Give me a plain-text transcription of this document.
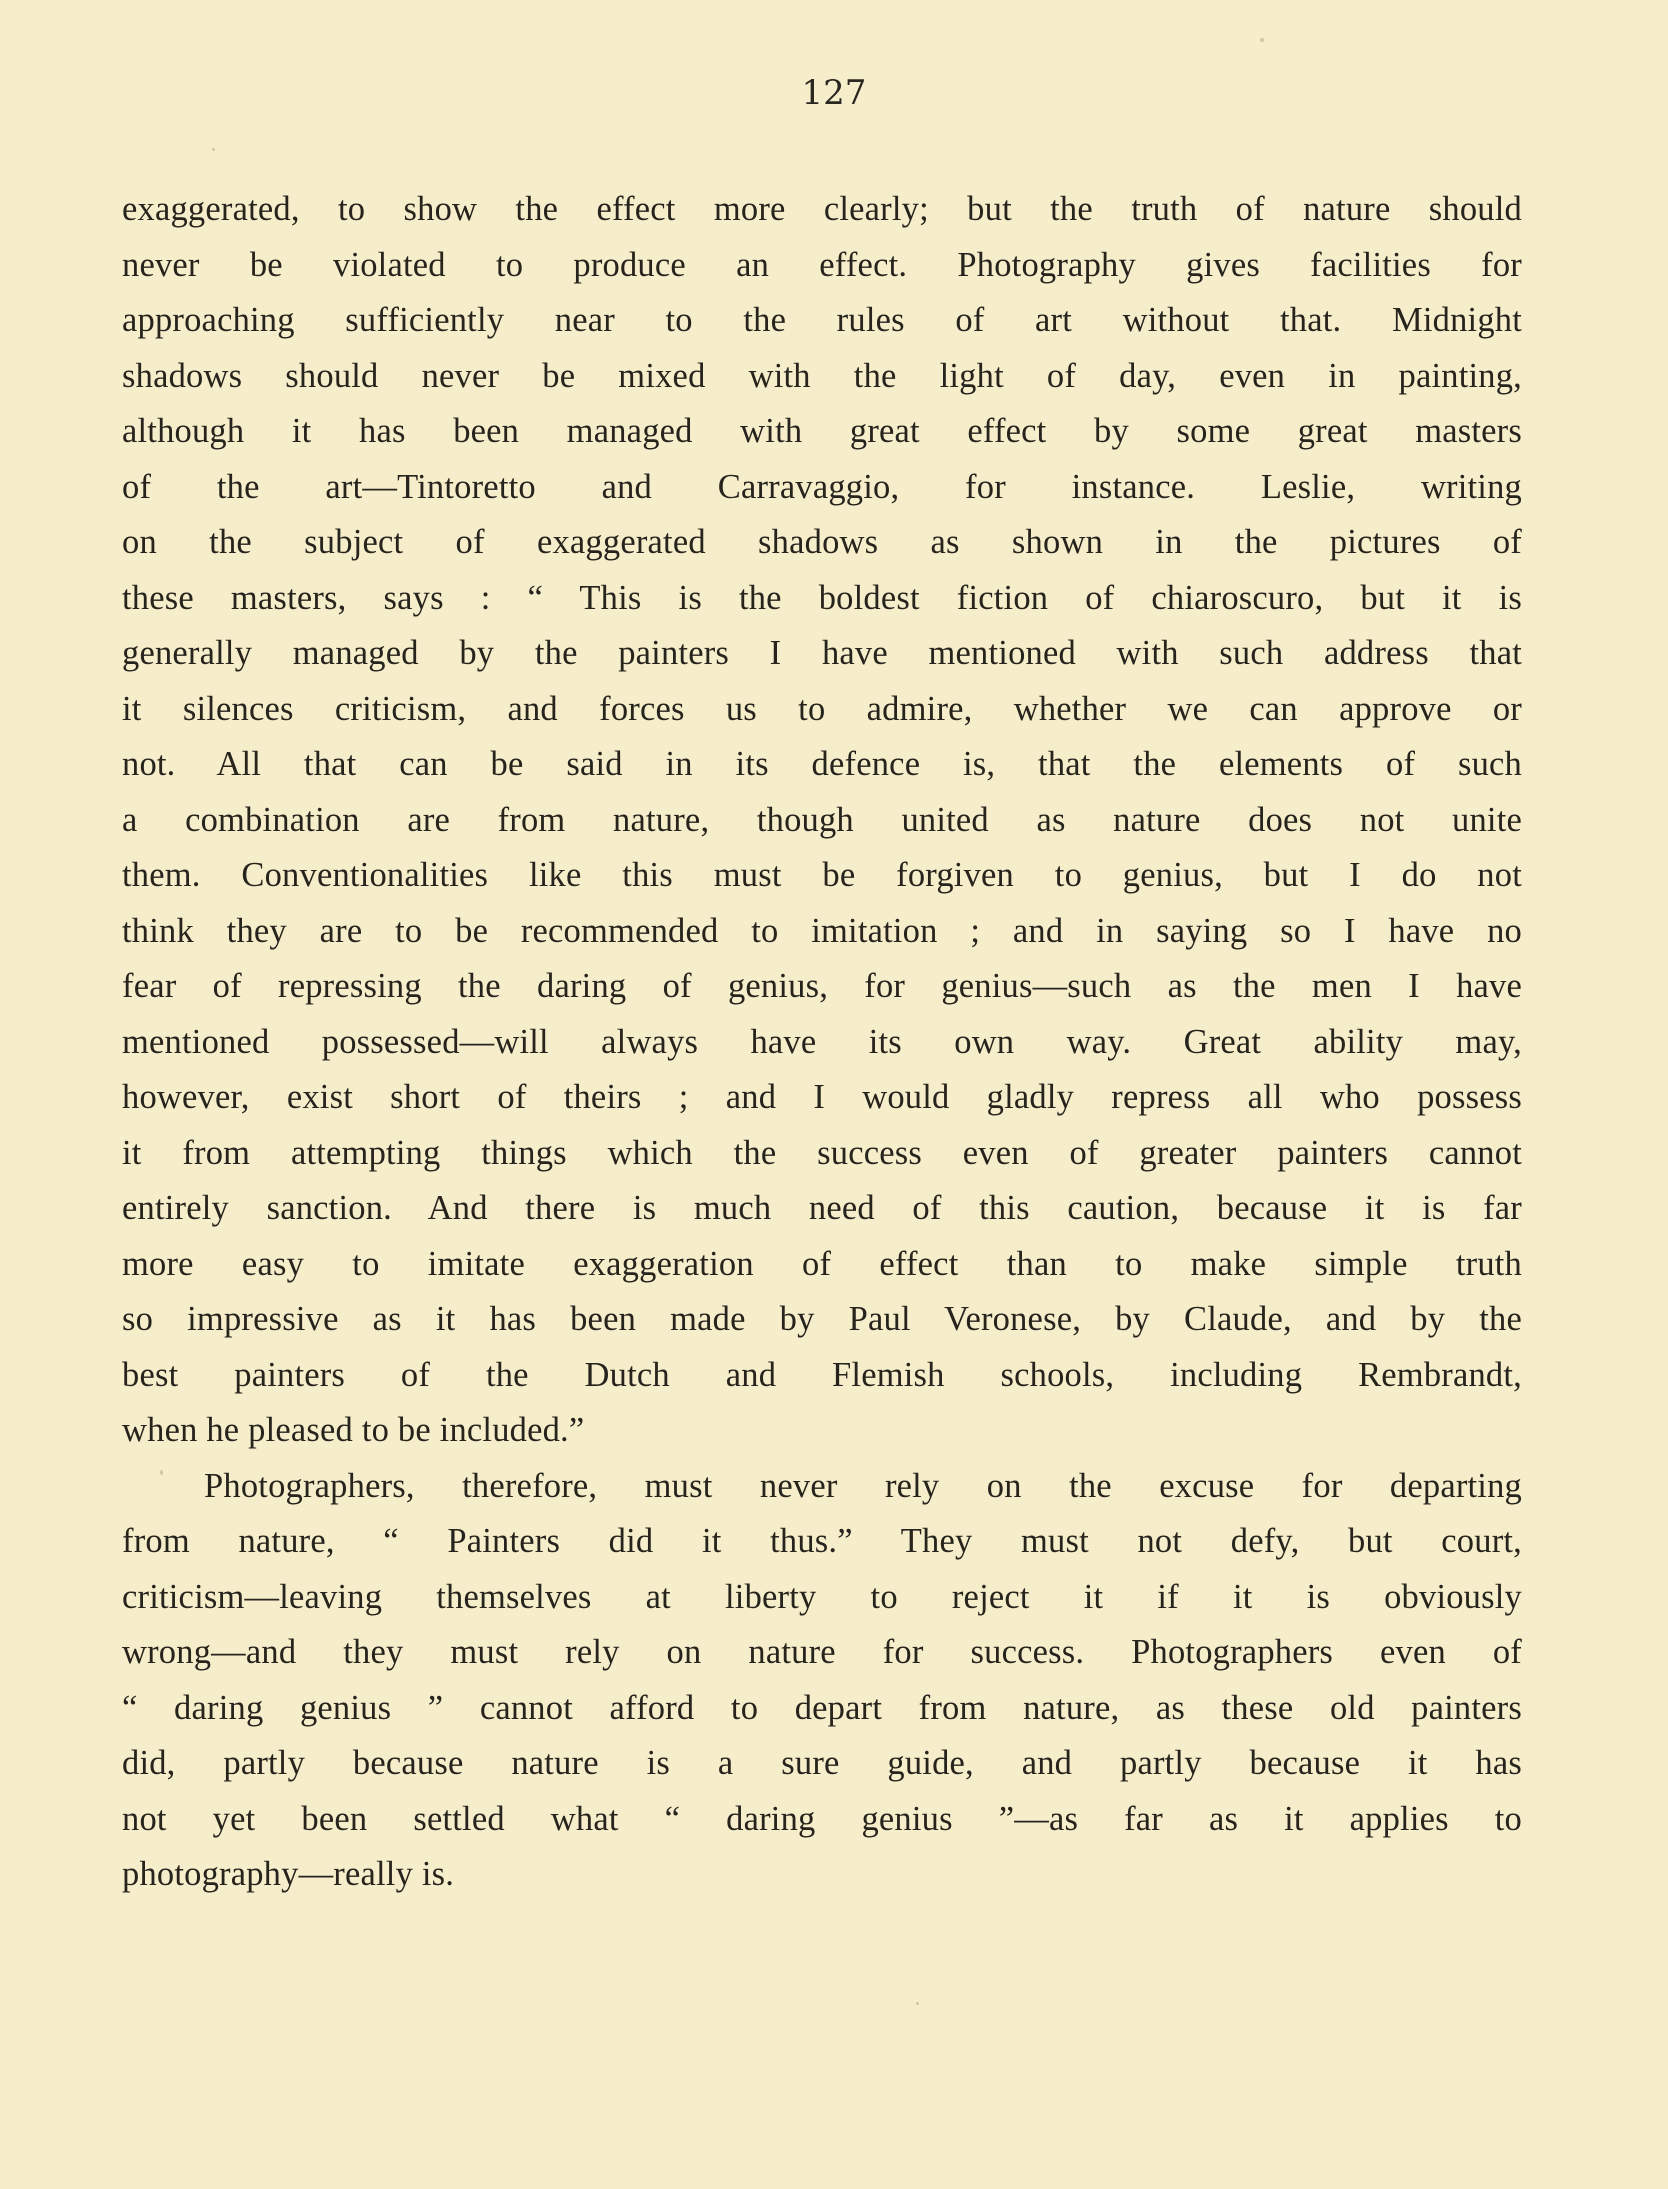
127
exaggerated, to show the effect more clearly; but the truth of nature should
never be violated to produce an effect. Photography gives facilities for
approaching sufficiently near to the rules of art without that. Midnight
shadows should never be mixed with the light of day, even in painting,
although it has been managed with great effect by some great masters
of the art—Tintoretto and Carravaggio, for instance. Leslie, writing
on the subject of exaggerated shadows as shown in the pictures of
these masters, says : “ This is the boldest fiction of chiaroscuro, but it is
generally managed by the painters I have mentioned with such address that
it silences criticism, and forces us to admire, whether we can approve or
not. All that can be said in its defence is, that the elements of such
a combination are from nature, though united as nature does not unite
them. Conventionalities like this must be forgiven to genius, but I do not
think they are to be recommended to imitation ; and in saying so I have no
fear of repressing the daring of genius, for genius—such as the men I have
mentioned possessed—will always have its own way. Great ability may,
however, exist short of theirs ; and I would gladly repress all who possess
it from attempting things which the success even of greater painters cannot
entirely sanction. And there is much need of this caution, because it is far
more easy to imitate exaggeration of effect than to make simple truth
so impressive as it has been made by Paul Veronese, by Claude, and by the
best painters of the Dutch and Flemish schools, including Rembrandt,
when he pleased to be included.”
Photographers, therefore, must never rely on the excuse for departing
from nature, “ Painters did it thus.” They must not defy, but court,
criticism—leaving themselves at liberty to reject it if it is obviously
wrong—and they must rely on nature for success. Photographers even of
“ daring genius ” cannot afford to depart from nature, as these old painters
did, partly because nature is a sure guide, and partly because it has
not yet been settled what “ daring genius ”—as far as it applies to
photography—really is.
